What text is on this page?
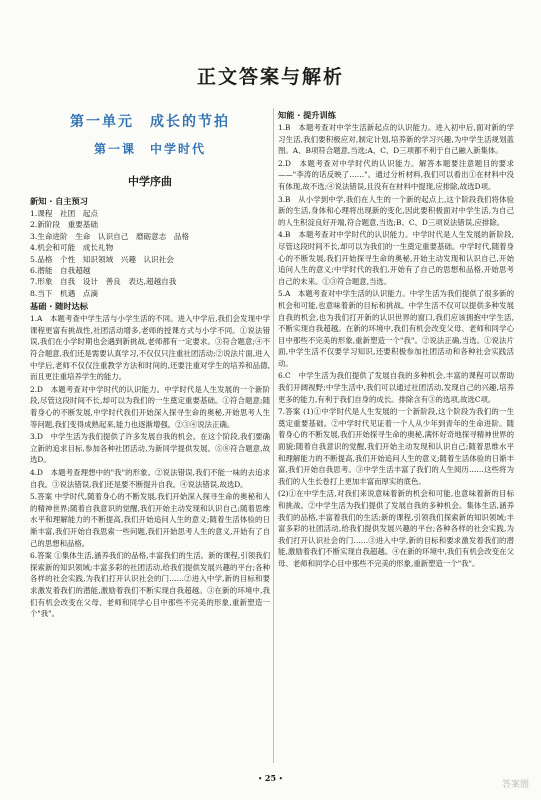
正文答案与解析
第一单元　成长的节拍
第一课　中学时代
中学序曲
新知 · 自主预习

1.课程　社团　起点

2.新阶段　重要基础

3.生命进阶　生命　认识自己　磨砺意志　品格

4.机会和可能　成长礼物

5.品格　个性　知识领域　兴趣　认识社会

6.潜能　自我超越

7.形象　自我　设计　善良　表达,超越自我

8.当下　机遇　点滴

基础 · 随时达标

1.A　本题考查中学生活与小学生活的不同。进入中学后,我们会发现中学课程更富有挑战性,社团活动增多,老师的授课方式与小学不同。①说法错误,我们在小学时期也会遇到新挑战,老师都有一定要求。③符合题意;④不符合题意,我们还是需要认真学习,不仅仅只注重社团活动;②说法片面,进入中学后,老师不仅仅注重教学方法和时间的,还要注重对学生的培养和品德,而且更注重培养学生的能力。

2.D　本题考查对中学时代的认识能力。中学时代是人生发展的一个新阶段,尽管这段时间不长,却可以为我们的一生奠定重要基础。①符合题意;随着身心的不断发展,中学时代我们开始深入探寻生命的奥秘,开始思考人生等问题,我们变得成熟起来,能力也逐渐增强。②③④说法正确。

3.D　中学生活为我们提供了许多发展自我的机会。在这个阶段,我们要确立新的追求目标,参加各种社团活动,为新同学提供发展。⑤⑧符合题意,故选D。

4.D　本题考查理想中的"我"的形象。②说法错误,我们不能一味的去追求自我。③说法错误,我们还是要不断提升自我。④说法错误,故选D。

5.答案 中学时代,随着身心的不断发展,我们开始深入探寻生命的奥秘和人的精神世界;随着自我意识的觉醒,我们开始主动发现和认识自己;随着思维水平和理解能力的不断提高,我们开始追问人生的意义;随着生活体验的日渐丰富,我们开始自我思索一些问题,我们开始思考人生的意义,开始有了自己的思想和品格。

6.答案 ①集体生活,涵养我们的品格,丰富我们的生活。新的课程,引领我们探索新的知识领域;丰富多彩的社团活动,给我们提供发展兴趣的平台;各种各样的社会实践,为我们打开认识社会的门……②进入中学,新的目标和要求激发着我们的潜能,激励着我们不断实现自我超越。③在新的环境中,我们有机会改变在父母、老师和同学心目中那些不完美的形象,重新塑造一个"我"。

知能 · 提升训练

1.B　本题考查对中学生活新起点的认识能力。进入初中后,面对新的学习生活,我们要积极应对,制定计划,培养新的学习兴趣,为中学生活规划蓝图。A、B项符合题意,当选;A、C、D三项都不利于自己融入新集体。

2.D　本题考查对中学时代的认识能力。解答本题要注意题目的要求——"李涛的话反映了……"。通过分析材料,我们可以看出①在材料中没有体现,故不选;④说法错误,且没有在材料中提现,应排除,故选D项。

3.B　从小学到中学,我们在人生的一个新的起点上,这个阶段我们将体验新的生活,身体和心理将出现新的变化,因此要积极面对中学生活,为自己的人生积淀良好开端,符合题意,当选;B、C、D三项说法错误,应排除。

4.B　本题考查对中学时代的认识能力。中学时代是人生发展的新阶段,尽管这段时间不长,却可以为我们的一生奠定重要基础。中学时代,随着身心的不断发展,我们开始探寻生命的奥秘,开始主动发现和认识自己,开始追问人生的意义;中学时代的我们,开始有了自己的思想和品格,开始思考自己的未来。①③符合题意,当选。

5.A　本题考查对中学生活的认识能力。中学生活为我们提供了很多新的机会和可能,也意味着新的目标和挑战。中学生活不仅可以提供多种发展自我的机会,也为我们打开新的认识世界的窗口,我们应该拥抱中学生活,不断实现自我超越。在新的环境中,我们有机会改变父母、老师和同学心目中那些不完美的形象,重新塑造一个"我"。②说法正确,当选。①说法片面,中学生活不仅要学习知识,还要积极参加社团活动和各种社会实践活动。

6.C　中学生活为我们提供了发展自我的多种机会,丰富的课程可以帮助我们开阔视野;中学生活中,我们可以通过社团活动,发现自己的兴趣,培养更多的能力,有利于我们自身的成长。排除含有③的选项,故选C项。

7.答案 (1)①中学时代是人生发展的一个新阶段,这个阶段为我们的一生奠定重要基础。②中学时代见证着一个人从少年到青年的生命进阶。随着身心的不断发展,我们开始探寻生命的奥秘,满怀好奇地探寻精神世界的面貌;随着自我意识的觉醒,我们开始主动发现和认识自己;随着思维水平和理解能力的不断提高,我们开始追问人生的意义;随着生活体验的日渐丰富,我们开始自我思考。③中学生活丰富了我们的人生阅历……这些将为我们的人生长卷打上更加丰富而厚实的底色。

(2)①在中学生活,对我们来说意味着新的机会和可能,也意味着新的目标和挑战。②中学生活为我们提供了发展自我的多种机会。集体生活,涵养我们的品格,丰富着我们的生活;新的课程,引领我们探索新的知识领域;丰富多彩的社团活动,给我们提供发展兴趣的平台;各种各样的社会实践,为我们打开认识社会的门……③进入中学,新的目标和要求激发着我们的潜能,激励着我们不断实现自我超越。④在新的环境中,我们有机会改变在父母、老师和同学心目中那些不完美的形象,重新塑造一个"我"。

• 25 •
答案圈
